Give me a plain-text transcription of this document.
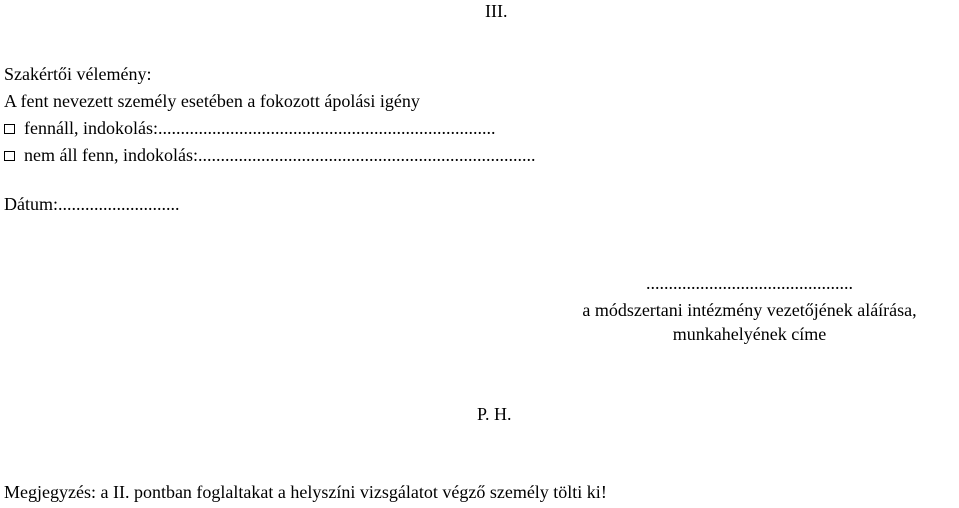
III.
Szakértői vélemény:
A fent nevezett személy esetében a fokozott ápolási igény
fennáll, indokolás:...........................................................................
nem áll fenn, indokolás:...........................................................................
Dátum:...........................
..............................................
a módszertani intézmény vezetőjének aláírása,
munkahelyének címe
P. H.
Megjegyzés: a II. pontban foglaltakat a helyszíni vizsgálatot végző személy tölti ki!
